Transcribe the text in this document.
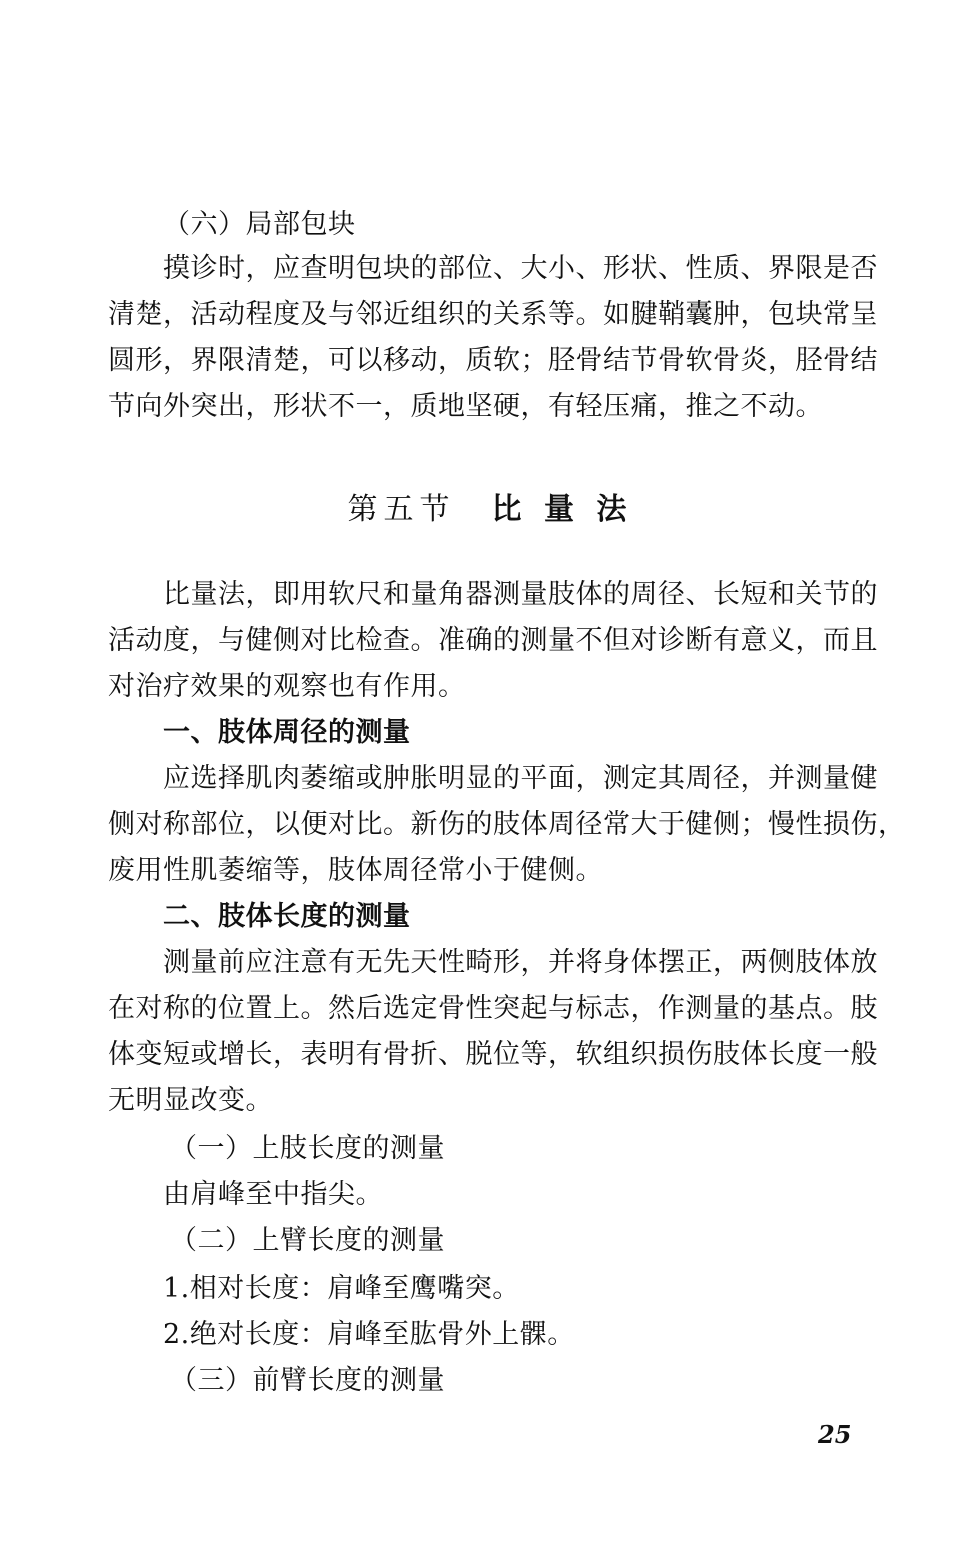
（六）局部包块
摸诊时，应查明包块的部位、大小、形状、性质、界限是否
清楚，活动程度及与邻近组织的关系等。如腱鞘囊肿，包块常呈
圆形，界限清楚，可以移动，质软；胫骨结节骨软骨炎，胫骨结
节向外突出，形状不一，质地坚硬，有轻压痛，推之不动。
第五节 比 量 法
比量法，即用软尺和量角器测量肢体的周径、长短和关节的
活动度，与健侧对比检查。准确的测量不但对诊断有意义，而且
对治疗效果的观察也有作用。
一、肢体周径的测量
应选择肌肉萎缩或肿胀明显的平面，测定其周径，并测量健
侧对称部位，以便对比。新伤的肢体周径常大于健侧；慢性损伤，
废用性肌萎缩等，肢体周径常小于健侧。
二、肢体长度的测量
测量前应注意有无先天性畸形，并将身体摆正，两侧肢体放
在对称的位置上。然后选定骨性突起与标志，作测量的基点。肢
体变短或增长，表明有骨折、脱位等，软组织损伤肢体长度一般
无明显改变。
（一）上肢长度的测量
由肩峰至中指尖。
（二）上臂长度的测量
1.相对长度：肩峰至鹰嘴突。
2.绝对长度：肩峰至肱骨外上髁。
（三）前臂长度的测量
25
